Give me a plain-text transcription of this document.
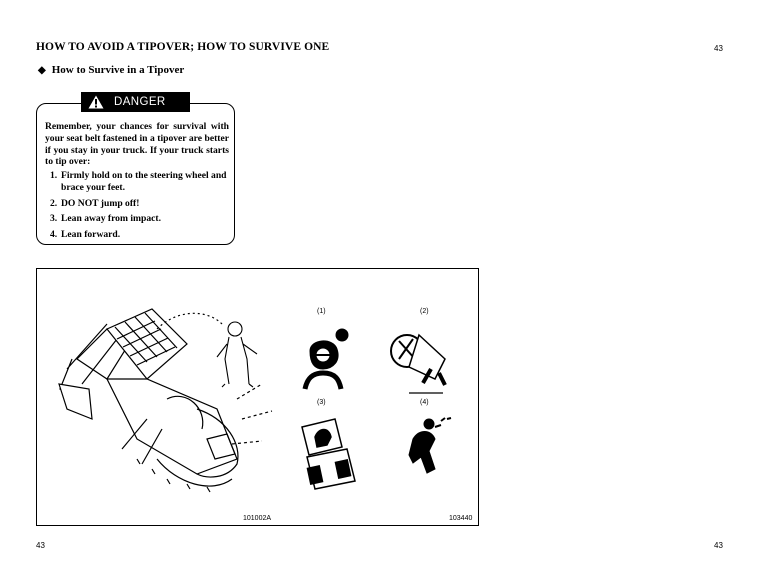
HOW TO AVOID A TIPOVER; HOW TO SURVIVE ONE	43
◆ How to Survive in a Tipover
DANGER
Remember, your chances for survival with your seat belt fastened in a tipover are better if you stay in your truck. If your truck starts to tip over:
1. Firmly hold on to the steering wheel and brace your feet.
2. DO NOT jump off!
3. Lean away from impact.
4. Lean forward.
(1)	(2)
(3)	(4)
101002A	103440
43	43
